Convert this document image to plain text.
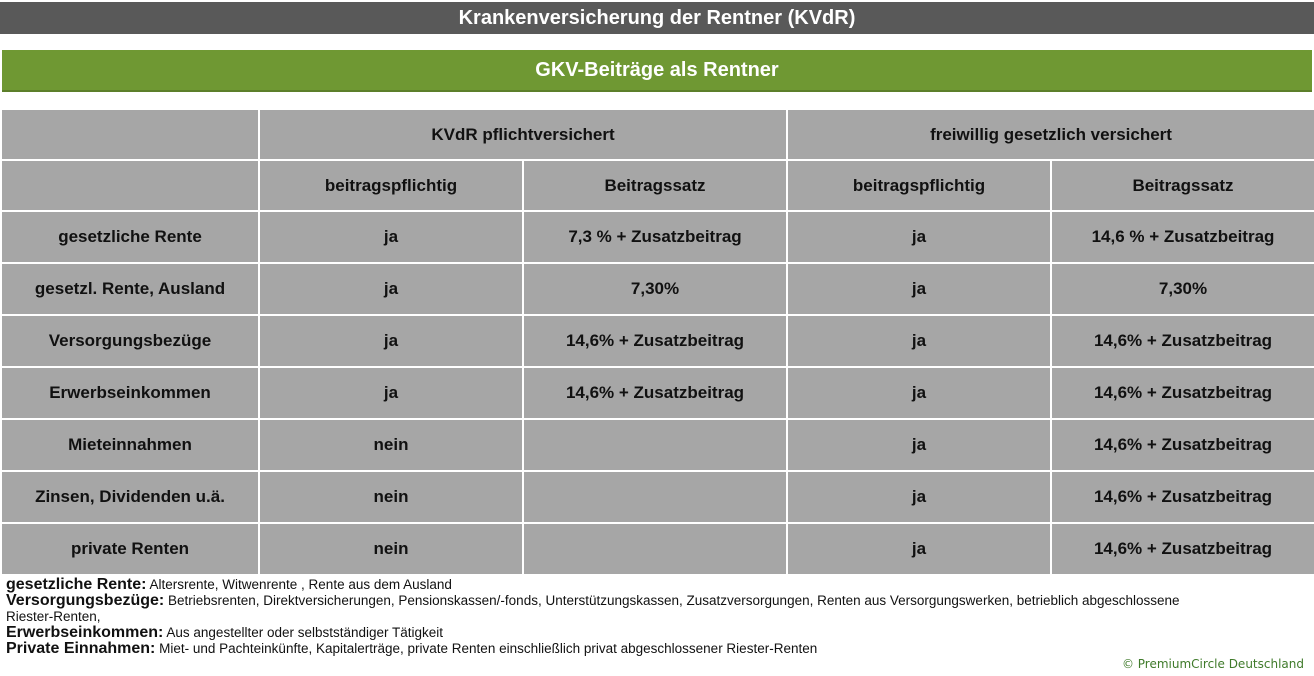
Krankenversicherung der Rentner (KVdR)
GKV-Beiträge als Rentner
	KVdR pflichtversichert		freiwillig gesetzlich versichert	
	beitragspflichtig	Beitragssatz	beitragspflichtig	Beitragssatz
gesetzliche Rente	ja	7,3 % + Zusatzbeitrag	ja	14,6 % + Zusatzbeitrag
gesetzl. Rente, Ausland	ja	7,30%	ja	7,30%
Versorgungsbezüge	ja	14,6% + Zusatzbeitrag	ja	14,6% + Zusatzbeitrag
Erwerbseinkommen	ja	14,6% + Zusatzbeitrag	ja	14,6% + Zusatzbeitrag
Mieteinnahmen	nein		ja	14,6% + Zusatzbeitrag
Zinsen, Dividenden u.ä.	nein		ja	14,6% + Zusatzbeitrag
private Renten	nein		ja	14,6% + Zusatzbeitrag
gesetzliche Rente: Altersrente, Witwenrente , Rente aus dem Ausland
Versorgungsbezüge: Betriebsrenten, Direktversicherungen, Pensionskassen/-fonds, Unterstützungskassen, Zusatzversorgungen, Renten aus Versorgungswerken, betrieblich abgeschlossene Riester-Renten,
Erwerbseinkommen: Aus angestellter oder selbstständiger Tätigkeit
Private Einnahmen: Miet- und Pachteinkünfte, Kapitalerträge, private Renten einschließlich privat abgeschlossener Riester-Renten
© PremiumCircle Deutschland
